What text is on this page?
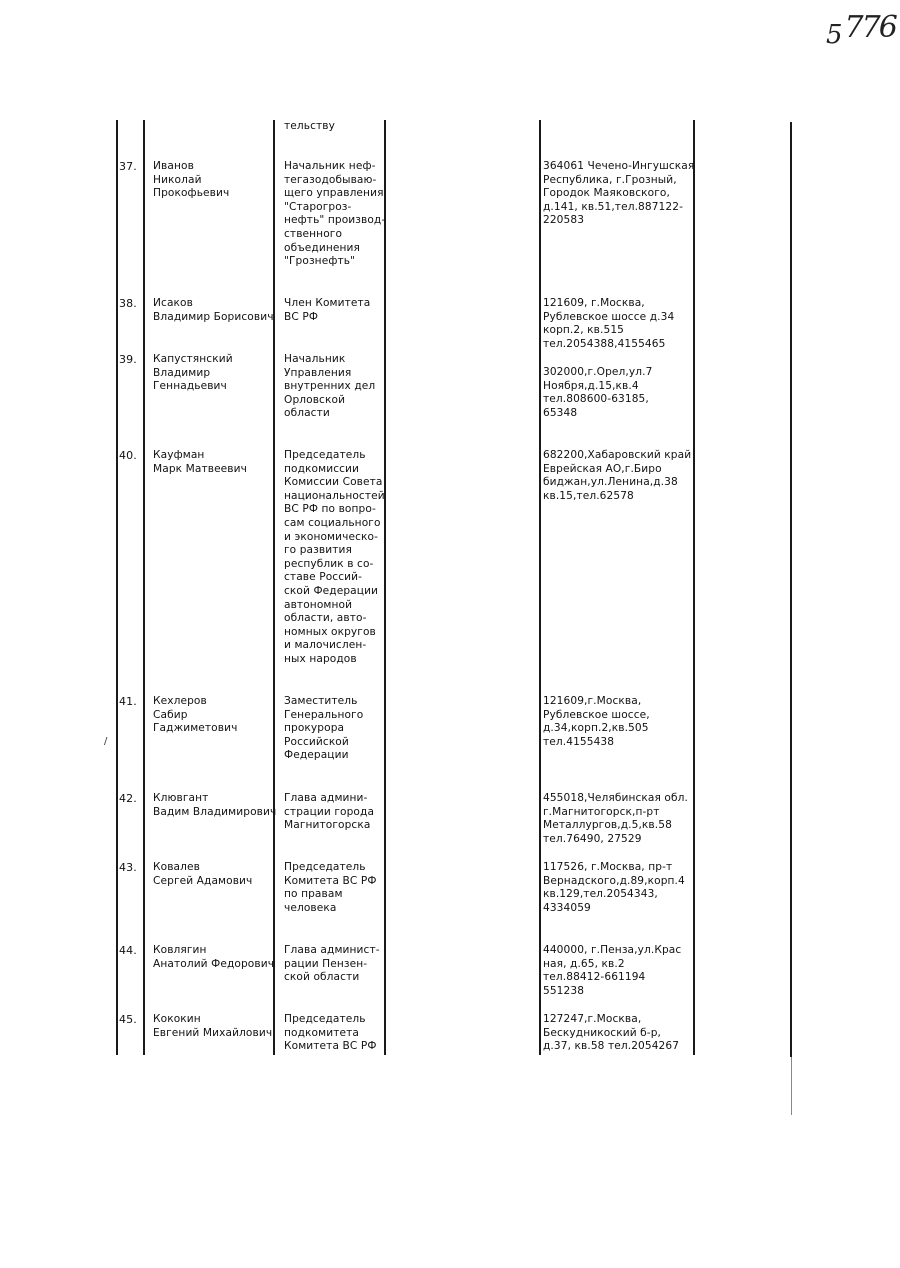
5 776
/
тельству
37. Иванов
Николай
Прокофьевич
Начальник неф-
тегазодобываю-
щего управления
"Старогроз-
нефть" производ-
ственного
объединения
"Грознефть"
364061 Чечено-Ингушская
Республика, г.Грозный,
Городок Маяковского,
д.141, кв.51,тел.887122-
220583
38. Исаков
Владимир Борисович
Член Комитета
ВС РФ
121609, г.Москва,
Рублевское шоссе д.34
корп.2, кв.515
тел.2054388,4155465
39. Капустянский
Владимир
Геннадьевич
Начальник
Управления
внутренних дел
Орловской
области
302000,г.Орел,ул.7
Ноября,д.15,кв.4
тел.808600-63185,
65348
40. Кауфман
Марк Матвеевич
Председатель
подкомиссии
Комиссии Совета
национальностей
ВС РФ по вопро-
сам социального
и экономическо-
го развития
республик в со-
ставе Россий-
ской Федерации
автономной
области, авто-
номных округов
и малочислен-
ных народов
682200,Хабаровский край
Еврейская АО,г.Биро
биджан,ул.Ленина,д.38
кв.15,тел.62578
41. Кехлеров
Сабир
Гаджиметович
Заместитель
Генерального
прокурора
Российской
Федерации
121609,г.Москва,
Рублевское шоссе,
д.34,корп.2,кв.505
тел.4155438
42. Клювгант
Вадим Владимирович
Глава админи-
страции города
Магнитогорска
455018,Челябинская обл.
г.Магнитогорск,п-рт
Металлургов,д.5,кв.58
тел.76490, 27529
43. Ковалев
Сергей Адамович
Председатель
Комитета ВС РФ
по правам
человека
117526, г.Москва, пр-т
Вернадского,д.89,корп.4
кв.129,тел.2054343,
4334059
44. Ковлягин
Анатолий Федорович
Глава админист-
рации Пензен-
ской области
440000, г.Пенза,ул.Крас
ная, д.65, кв.2
тел.88412-661194
551238
45. Кококин
Евгений Михайлович
Председатель
подкомитета
Комитета ВС РФ
127247,г.Москва,
Бескудникоский б-р,
д.37, кв.58 тел.2054267
